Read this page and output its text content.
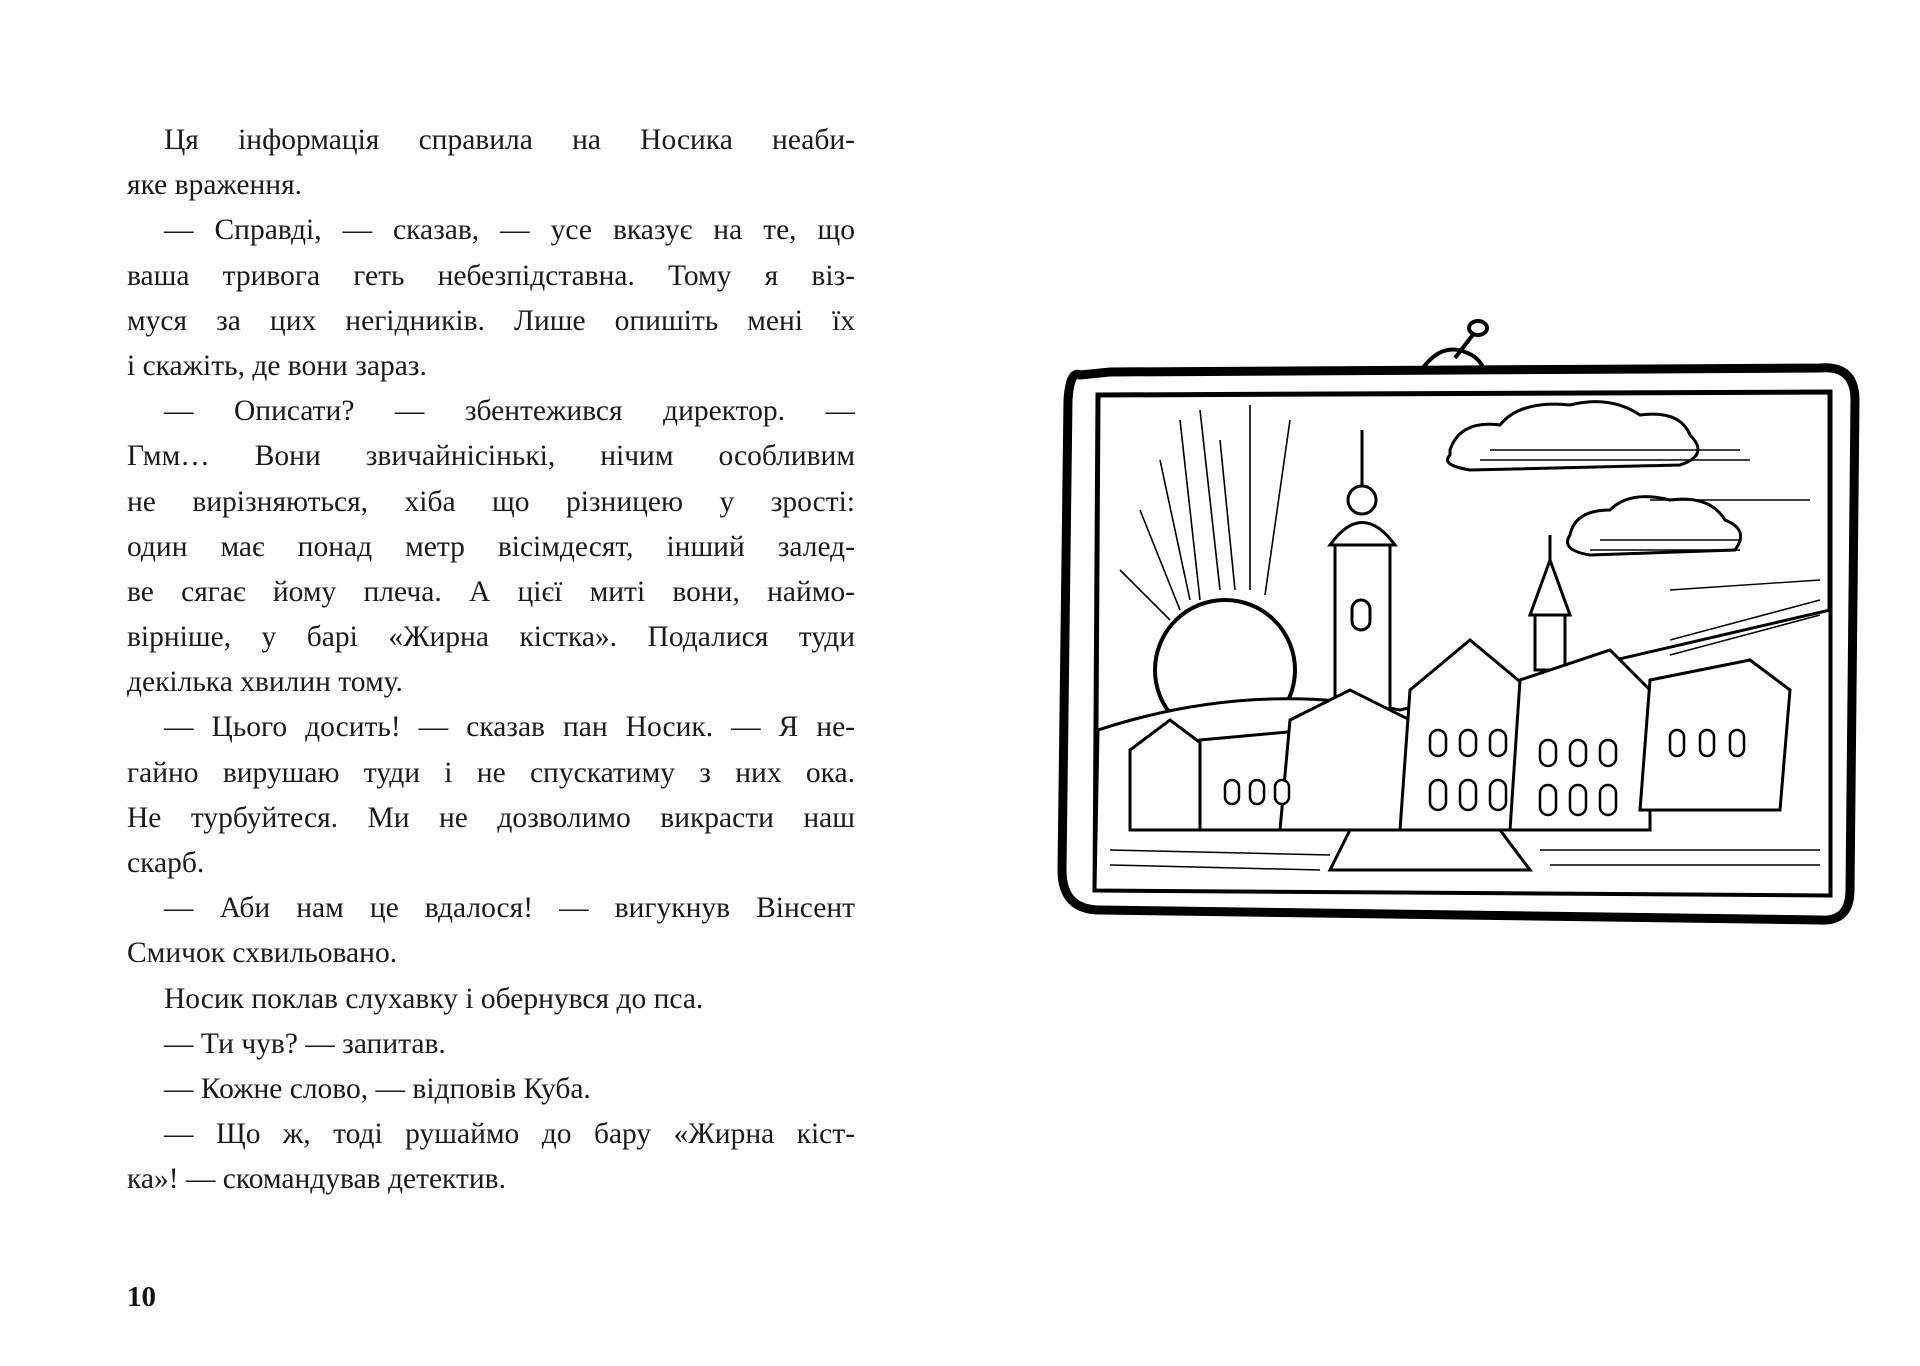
Ця інформація справила на Носика неаби-
яке враження.
— Справді, — сказав, — усе вказує на те, що
ваша тривога геть небезпідставна. Тому я віз-
муся за цих негідників. Лише опишіть мені їх
і скажіть, де вони зараз.
— Описати? — збентежився директор. —
Гмм… Вони звичайнісінькі, нічим особливим
не вирізняються, хіба що різницею у зрості:
один має понад метр вісімдесят, інший залед-
ве сягає йому плеча. А цієї миті вони, наймо-
вірніше, у барі «Жирна кістка». Подалися туди
декілька хвилин тому.
— Цього досить! — сказав пан Носик. — Я не-
гайно вирушаю туди і не спускатиму з них ока.
Не турбуйтеся. Ми не дозволимо викрасти наш
скарб.
— Аби нам це вдалося! — вигукнув Вінсент
Смичок схвильовано.
Носик поклав слухавку і обернувся до пса.
— Ти чув? — запитав.
— Кожне слово, — відповів Куба.
— Що ж, тоді рушаймо до бару «Жирна кіст-
ка»! — скомандував детектив.
10
